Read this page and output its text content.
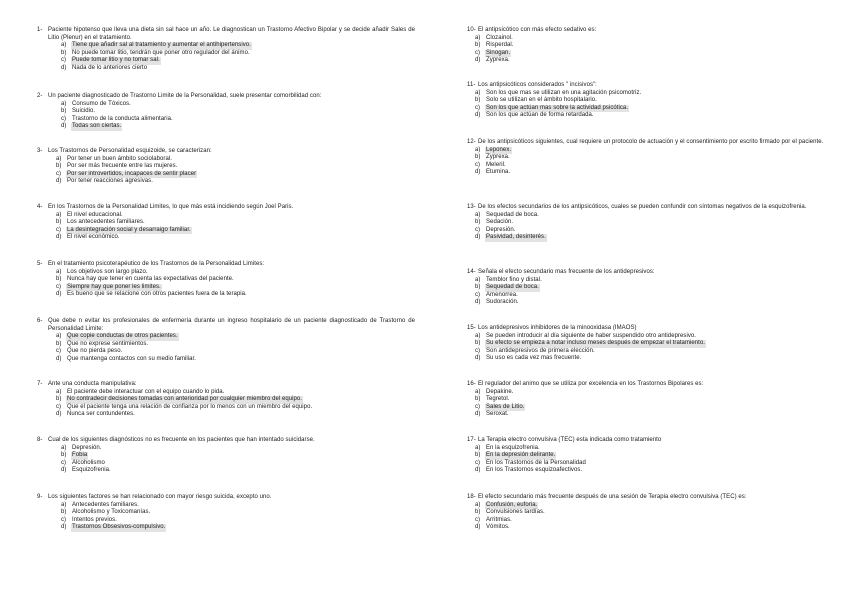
1- Paciente hipotenso que lleva una dieta sin sal hace un año. Le diagnostican un Trastorno Afectivo Bipolar y se decide añadir Sales de Litio (Plenur) en el tratamiento.
a) Tiene que añadir sal al tratamiento y aumentar el antihipertensivo.
b) No puede tomar litio, tendrán que poner otro regulador del ánimo.
c) Puede tomar litio y no tomar sal.
d) Nada de lo anteriores cierto
2- Un paciente diagnosticado de Trastorno Limite de la Personalidad, suele presentar comorbilidad con:
a) Consumo de Tóxicos.
b) Suicidio.
c) Trastorno de la conducta alimentaria.
d) Todas son ciertas.
3- Los Trastornos de Personalidad esquizoide, se caracterizan:
a) Por tener un buen ámbito sociolaboral.
b) Por ser más frecuente entre las mujeres.
c) Por ser introvertidos, incapaces de sentir placer
d) Por tener reacciones agresivas.
4- En los Trastornos de la Personalidad Limites, lo que más está incidiendo según Joel Paris.
a) El nivel educacional.
b) Los antecedentes familiares.
c) La desintegración social y desarraigo familiar.
d) El nivel económico.
5- En el tratamiento psicoterapéutico de los Trastornos de la Personalidad Limites:
a) Los objetivos son largo plazo.
b) Nunca hay que tener en cuenta las expectativas del paciente.
c) Siempre hay que poner les limites.
d) Es bueno que se relacione con otros pacientes fuera de la terapia.
6- Que debe n evitar los profesionales de enfermería durante un ingreso hospitalario de un paciente diagnosticado de Trastorno de Personalidad Limite:
a) Que copie conductas de otros pacientes.
b) Que no exprese sentimientos.
c) Que no pierda peso.
d) Que mantenga contactos con su medio familiar.
7- Ante una conducta manipulativa:
a) El paciente debe interactuar con el equipo cuando lo pida.
b) No contradecir decisiones tomadas con anterioridad por cualquier miembro del equipo.
c) Que el paciente tenga una relación de confianza por lo menos con un miembro del equipo.
d) Nunca ser contundentes.
8- Cual de los siguientes diagnósticos no es frecuente en los pacientes que han intentado suicidarse.
a) Depresión.
b) Fobia
c) Alcoholismo
d) Esquizofrenia.
9- Los siguientes factores se han relacionado con mayor riesgo suicida, excepto uno.
a) Antecedentes familiares.
b) Alcoholismo y Toxicomanías.
c) Intentos previos.
d) Trastornos Obsesivos-compulsivo.
10- El antipsicótico con más efecto sedativo es:
a) Clozainol.
b) Risperdal.
c) Sinogan.
d) Zyprexa.
11- Los antipsicóticos considerados " incisivos":
a) Son los que mas se utilizan en una agitación psicomotriz.
b) Solo se utilizan en el ámbito hospitalario.
c) Son los que actúan mas sobre la actividad psicótica.
d) Son los que actúan de forma retardada.
12- De los antipsicóticos siguientes, cual requiere un protocolo de actuación y el consentimiento por escrito firmado por el paciente.
a) Leponex.
b) Zyprexa.
c) Meleril.
d) Etumina.
13- De los efectos secundarios de los antipsicóticos, cuales se pueden confundir con síntomas negativos de la esquizofrenia.
a) Sequedad de boca.
b) Sedación.
c) Depresión.
d) Pasividad, desinterés.
14- Señala el efecto secundario mas frecuente de los antidepresivos:
a) Temblor fino y distal.
b) Sequedad de boca.
c) Amenorrea.
d) Sudoración.
15- Los antidepresivos inhibidores de la minooxidasa (IMAOS)
a) Se pueden introducir al día siguiente de haber suspendido otro antidepresivo.
b) Su efecto se empieza a notar incluso meses después de empezar el tratamiento.
c) Son antidepresivos de primera elección.
d) Su uso es cada vez mas frecuente.
16- El regulador del animo que se utiliza por excelencia en los Trastornos Bipolares es:
a) Depakine.
b) Tegretol.
c) Sales de Litio.
d) Seroxat.
17- La Terapia electro convulsiva (TEC) esta indicada como tratamiento
a) En la esquizofrenia.
b) En la depresión delirante.
c) En los Trastornos de la Personalidad
d) En los Trastornos esquizoafectivos.
18- El efecto secundario más frecuente después de una sesión de Terapia electro convulsiva (TEC) es:
a) Confusión, euforia.
b) Convulsiones tardías.
c) Arritmias.
d) Vómitos.
